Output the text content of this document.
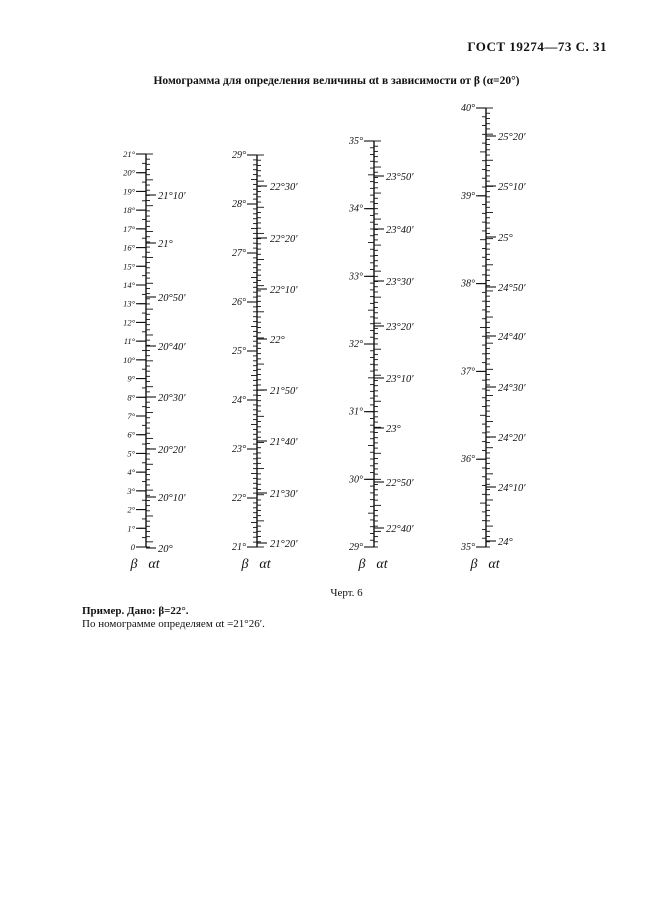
ГОСТ 19274—73 С. 31
Номограмма для определения величины αt в зависимости от β (α=20°)
21°
20°
19°
18°
17°
16°
15°
14°
13°
12°
11°
10°
9°
8°
7°
6°
5°
4°
3°
2°
1°
0
21°10′
21°
20°50′
20°40′
20°30′
20°20′
20°10′
20°
β αt
29°
28°
27°
26°
25°
24°
23°
22°
21°
22°30′
22°20′
22°10′
22°
21°50′
21°40′
21°30′
21°20′
β αt
35°
34°
33°
32°
31°
30°
29°
23°50′
23°40′
23°30′
23°20′
23°10′
23°
22°50′
22°40′
β αt
40°
39°
38°
37°
36°
35°
25°20′
25°10′
25°
24°50′
24°40′
24°30′
24°20′
24°10′
24°
β αt
Черт. 6
Пример. Дано: β=22°.
По номограмме определяем αt =21°26′.
